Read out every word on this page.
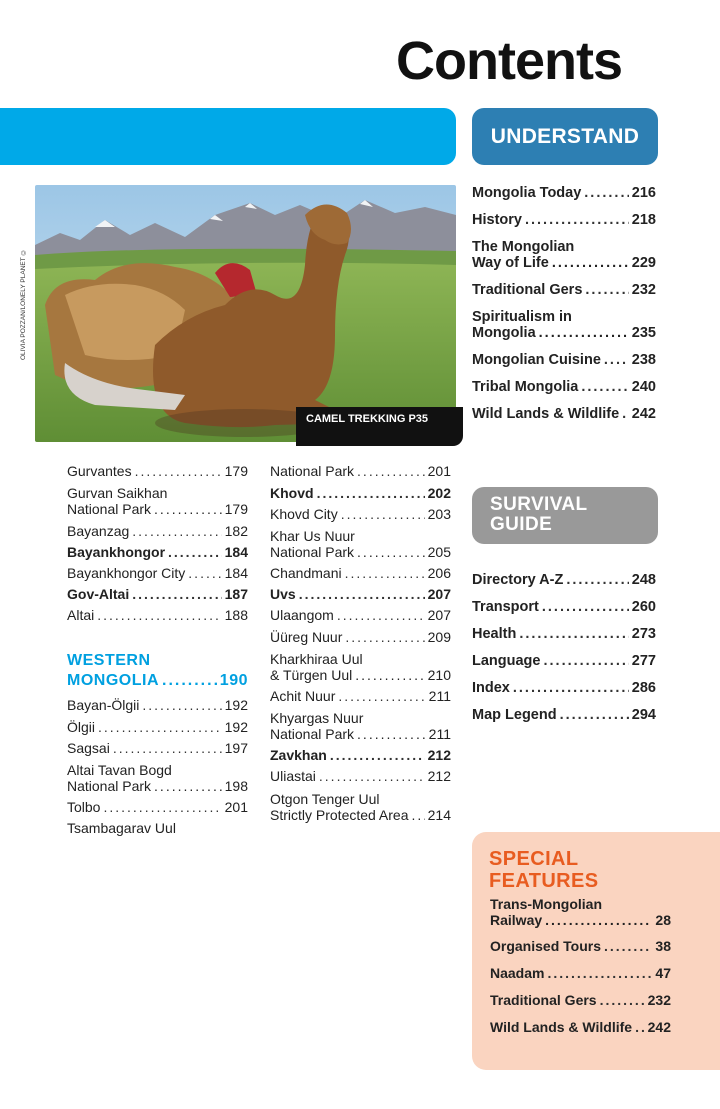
Contents
UNDERSTAND
OLIVIA POZZAN/LONELY PLANET ©
CAMEL TREKKING P35
Gurvantes .....	179
Gurvan Saikhan
National Park .....	179
Bayanzag .....	182
Bayankhongor .....	184
Bayankhongor City .....	184
Gov-Altai .....	187
Altai .....	188
WESTERN
MONGOLIA .....	190
Bayan-Ölgii .....	192
Ölgii .....	192
Sagsai .....	197
Altai Tavan Bogd
National Park .....	198
Tolbo .....	201
Tsambagarav Uul
National Park .....	201
Khovd .....	202
Khovd City .....	203
Khar Us Nuur
National Park .....	205
Chandmani .....	206
Uvs .....	207
Ulaangom .....	207
Üüreg Nuur .....	209
Kharkhiraa Uul
& Türgen Uul .....	210
Achit Nuur .....	211
Khyargas Nuur
National Park .....	211
Zavkhan .....	212
Uliastai .....	212
Otgon Tenger Uul
Strictly Protected Area ..... 214
Mongolia Today .....	216
History .....	218
The Mongolian
Way of Life .....	229
Traditional Gers .....	232
Spiritualism in
Mongolia .....	235
Mongolian Cuisine ..... 238
Tribal Mongolia .....	240
Wild Lands & Wildlife ..... 242
SURVIVAL
GUIDE
Directory A-Z .....	248
Transport .....	260
Health .....	273
Language .....	277
Index .....	286
Map Legend .....	294
SPECIAL
FEATURES
Trans-Mongolian
Railway .....	28
Organised Tours .....	38
Naadam .....	47
Traditional Gers .....	232
Wild Lands & Wildlife ..... 242
